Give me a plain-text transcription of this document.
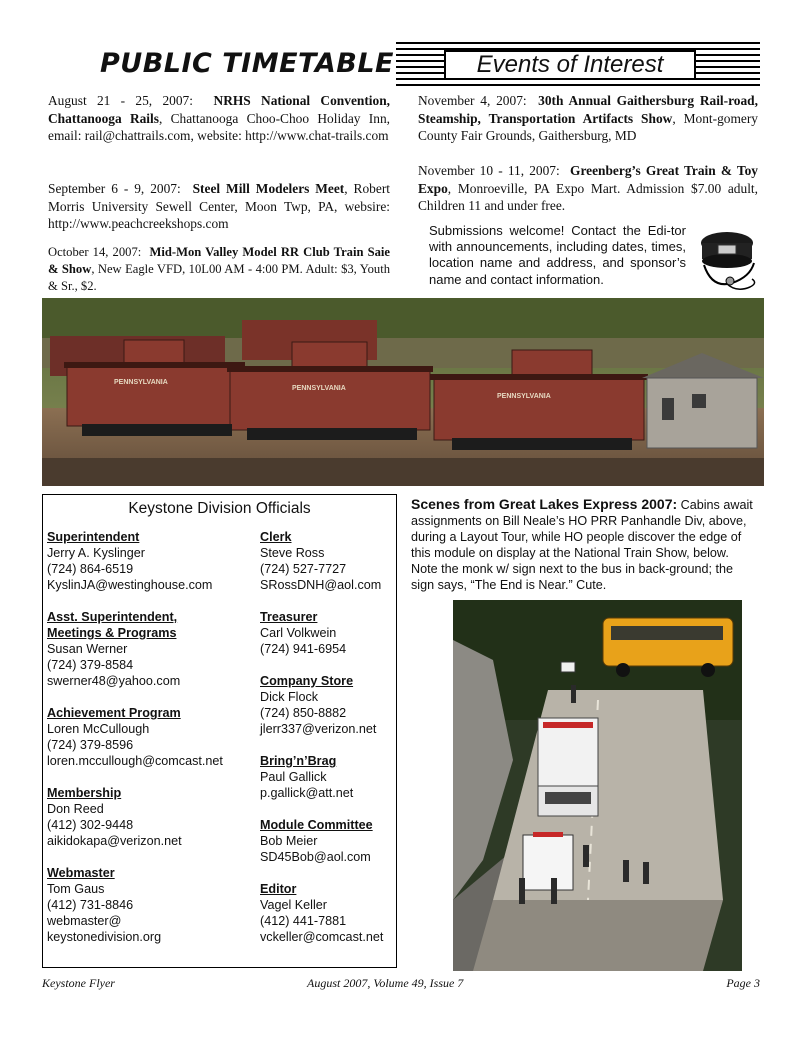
PUBLIC TIMETABLE	Events of Interest
August 21 - 25, 2007: NRHS National Convention, Chattanooga Rails, Chattanooga Choo-Choo Holiday Inn, email: rail@chattrails.com, website: http://www.chat-trails.com
September 6 - 9, 2007: Steel Mill Modelers Meet, Robert Morris University Sewell Center, Moon Twp, PA, websire: http://www.peachcreekshops.com
October 14, 2007: Mid-Mon Valley Model RR Club Train Saie & Show, New Eagle VFD, 10L00 AM - 4:00 PM. Adult: $3, Youth & Sr., $2.
November 4, 2007: 30th Annual Gaithersburg Rail-road, Steamship, Transportation Artifacts Show, Mont-gomery County Fair Grounds, Gaithersburg, MD
November 10 - 11, 2007: Greenberg’s Great Train & Toy Expo, Monroeville, PA Expo Mart. Admission $7.00 adult, Children 11 and under free.
Submissions welcome! Contact the Edi-tor with announcements, including dates, times, location name and address, and sponsor’s name and contact information.
PENNSYLVANIA
PENNSYLVANIA
PENNSYLVANIA
Keystone Division Officials
Superintendent
Jerry A. Kyslinger
(724) 864-6519
KyslinJA@westinghouse.com
Asst. Superintendent,
Meetings & Programs
Susan Werner
(724) 379-8584
swerner48@yahoo.com
Achievement Program
Loren McCullough
(724) 379-8596
loren.mccullough@comcast.net
Membership
Don Reed
(412) 302-9448
aikidokapa@verizon.net
Webmaster
Tom Gaus
(412) 731-8846
webmaster@
keystonedivision.org
Clerk
Steve Ross
(724) 527-7727
SRossDNH@aol.com
Treasurer
Carl Volkwein
(724) 941-6954
Company Store
Dick Flock
(724) 850-8882
jlerr337@verizon.net
Bring’n’Brag
Paul Gallick
p.gallick@att.net
Module Committee
Bob Meier
SD45Bob@aol.com
Editor
Vagel Keller
(412) 441-7881
vckeller@comcast.net
Scenes from Great Lakes Express 2007: Cabins await assignments on Bill Neale’s HO PRR Panhandle Div, above, during a Layout Tour, while HO people discover the edge of this module on display at the National Train Show, below. Note the monk w/ sign next to the bus in back-ground; the sign says, “The End is Near.” Cute.
Keystone Flyer	August 2007, Volume 49, Issue 7	Page 3
